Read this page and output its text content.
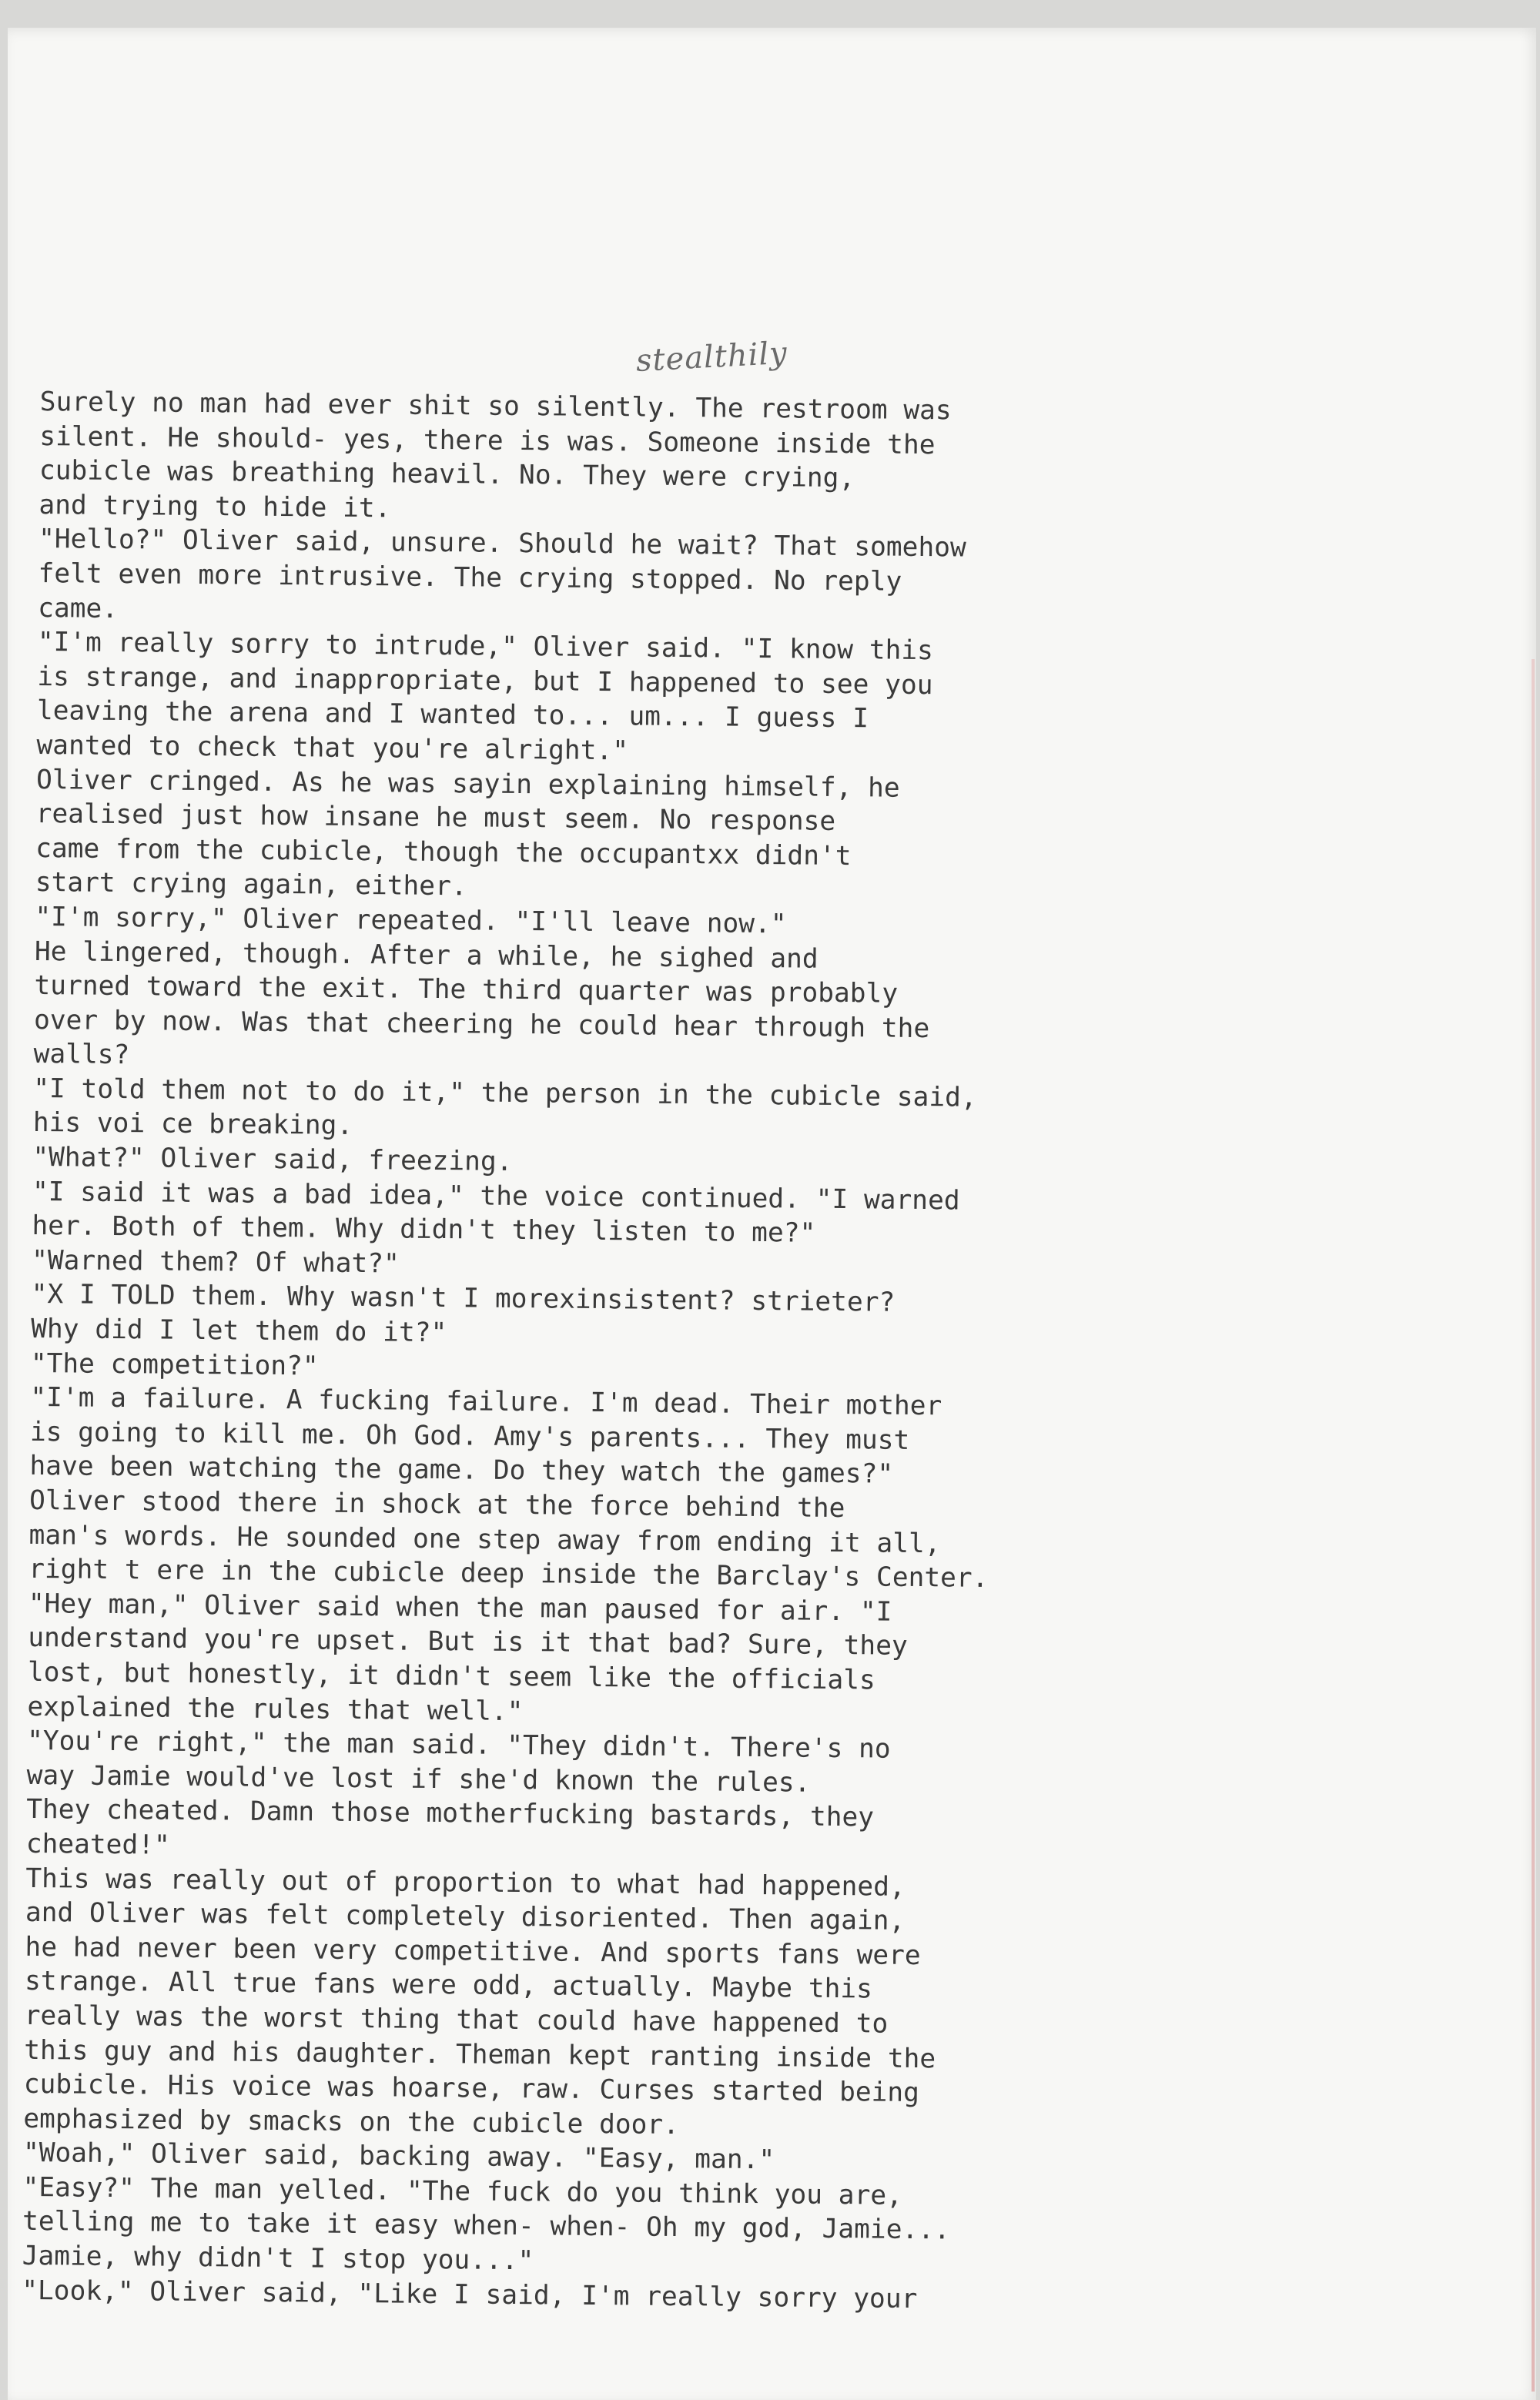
stealthily
Surely no man had ever shit so silently. The restroom was
silent. He should- yes, there is was. Someone inside the
cubicle was breathing heavil. No. They were crying,
and trying to hide it.
"Hello?" Oliver said, unsure. Should he wait? That somehow
felt even more intrusive. The crying stopped. No reply
came.
"I'm really sorry to intrude," Oliver said. "I know this
is strange, and inappropriate, but I happened to see you
leaving the arena and I wanted to... um... I guess I
wanted to check that you're alright."
Oliver cringed. As he was sayin explaining himself, he
realised just how insane he must seem. No response
came from the cubicle, though the occupantxx didn't
start crying again, either.
"I'm sorry," Oliver repeated. "I'll leave now."
He lingered, though. After a while, he sighed and
turned toward the exit. The third quarter was probably
over by now. Was that cheering he could hear through the
walls?
"I told them not to do it," the person in the cubicle said,
his voi ce breaking.
"What?" Oliver said, freezing.
"I said it was a bad idea," the voice continued. "I warned
her. Both of them. Why didn't they listen to me?"
"Warned them? Of what?"
"X I TOLD them. Why wasn't I morexinsistent? strieter?
Why did I let them do it?"
"The competition?"
"I'm a failure. A fucking failure. I'm dead. Their mother
is going to kill me. Oh God. Amy's parents... They must
have been watching the game. Do they watch the games?"
Oliver stood there in shock at the force behind the
man's words. He sounded one step away from ending it all,
right t ere in the cubicle deep inside the Barclay's Center.
"Hey man," Oliver said when the man paused for air. "I
understand you're upset. But is it that bad? Sure, they
lost, but honestly, it didn't seem like the officials
explained the rules that well."
"You're right," the man said. "They didn't. There's no
way Jamie would've lost if she'd known the rules.
They cheated. Damn those motherfucking bastards, they
cheated!"
This was really out of proportion to what had happened,
and Oliver was felt completely disoriented. Then again,
he had never been very competitive. And sports fans were
strange. All true fans were odd, actually. Maybe this
really was the worst thing that could have happened to
this guy and his daughter. Theman kept ranting inside the
cubicle. His voice was hoarse, raw. Curses started being
emphasized by smacks on the cubicle door.
"Woah," Oliver said, backing away. "Easy, man."
"Easy?" The man yelled. "The fuck do you think you are,
telling me to take it easy when- when- Oh my god, Jamie...
Jamie, why didn't I stop you..."
"Look," Oliver said, "Like I said, I'm really sorry your
